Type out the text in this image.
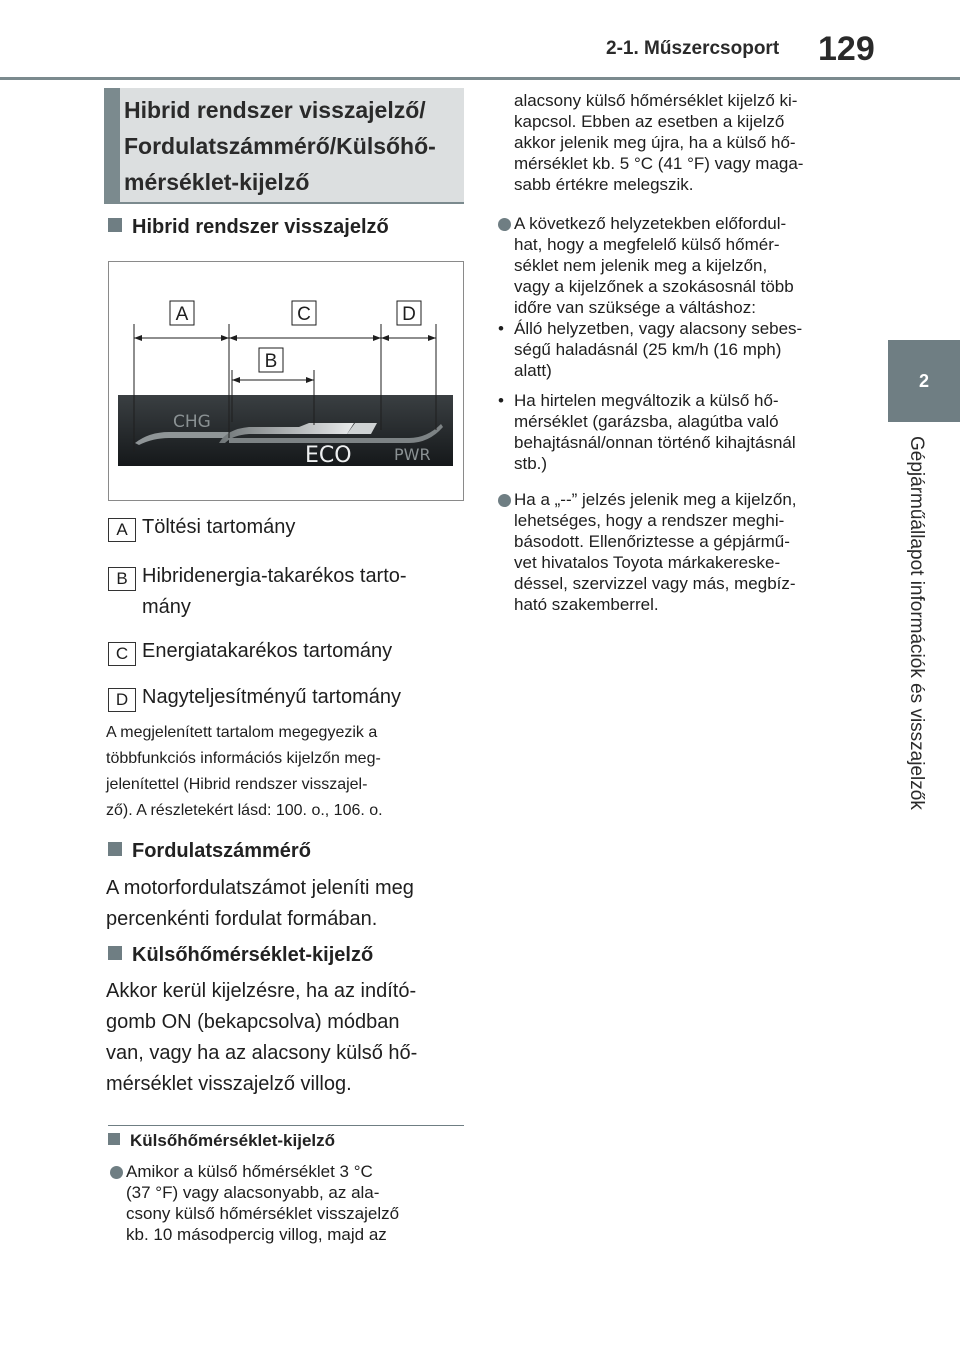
2-1. Műszercsoport 129
2
Gépjárműállapot információk és visszajelzők
Hibrid rendszer visszajelző/
Fordulatszámmérő/Külsőhő-
mérséklet-kijelző
Hibrid rendszer visszajelző
CHG
ECO	PWR
A	C	D
B
A Töltési tartomány
B Hibridenergia-takarékos tarto-
mány
C Energiatakarékos tartomány
D Nagyteljesítményű tartomány
A megjelenített tartalom megegyezik a
többfunkciós információs kijelzőn meg-
jelenítettel (Hibrid rendszer visszajel-
ző). A részletekért lásd: 100. o., 106. o.
Fordulatszámmérő
A motorfordulatszámot jeleníti meg
percenkénti fordulat formában.
Külsőhőmérséklet-kijelző
Akkor kerül kijelzésre, ha az indító-
gomb ON (bekapcsolva) módban
van, vagy ha az alacsony külső hő-
mérséklet visszajelző villog.
Külsőhőmérséklet-kijelző
Amikor a külső hőmérséklet 3 °C
(37 °F) vagy alacsonyabb, az ala-
csony külső hőmérséklet visszajelző
kb. 10 másodpercig villog, majd az
alacsony külső hőmérséklet kijelző ki-
kapcsol. Ebben az esetben a kijelző
akkor jelenik meg újra, ha a külső hő-
mérséklet kb. 5 °C (41 °F) vagy maga-
sabb értékre melegszik.
A következő helyzetekben előfordul-
hat, hogy a megfelelő külső hőmér-
séklet nem jelenik meg a kijelzőn,
vagy a kijelzőnek a szokásosnál több
időre van szüksége a váltáshoz:
• Álló helyzetben, vagy alacsony sebes-
ségű haladásnál (25 km/h (16 mph)
alatt)
• Ha hirtelen megváltozik a külső hő-
mérséklet (garázsba, alagútba való
behajtásnál/onnan történő kihajtásnál
stb.)
Ha a „--” jelzés jelenik meg a kijelzőn,
lehetséges, hogy a rendszer meghi-
básodott. Ellenőriztesse a gépjármű-
vet hivatalos Toyota márkakereske-
déssel, szervizzel vagy más, megbíz-
ható szakemberrel.
